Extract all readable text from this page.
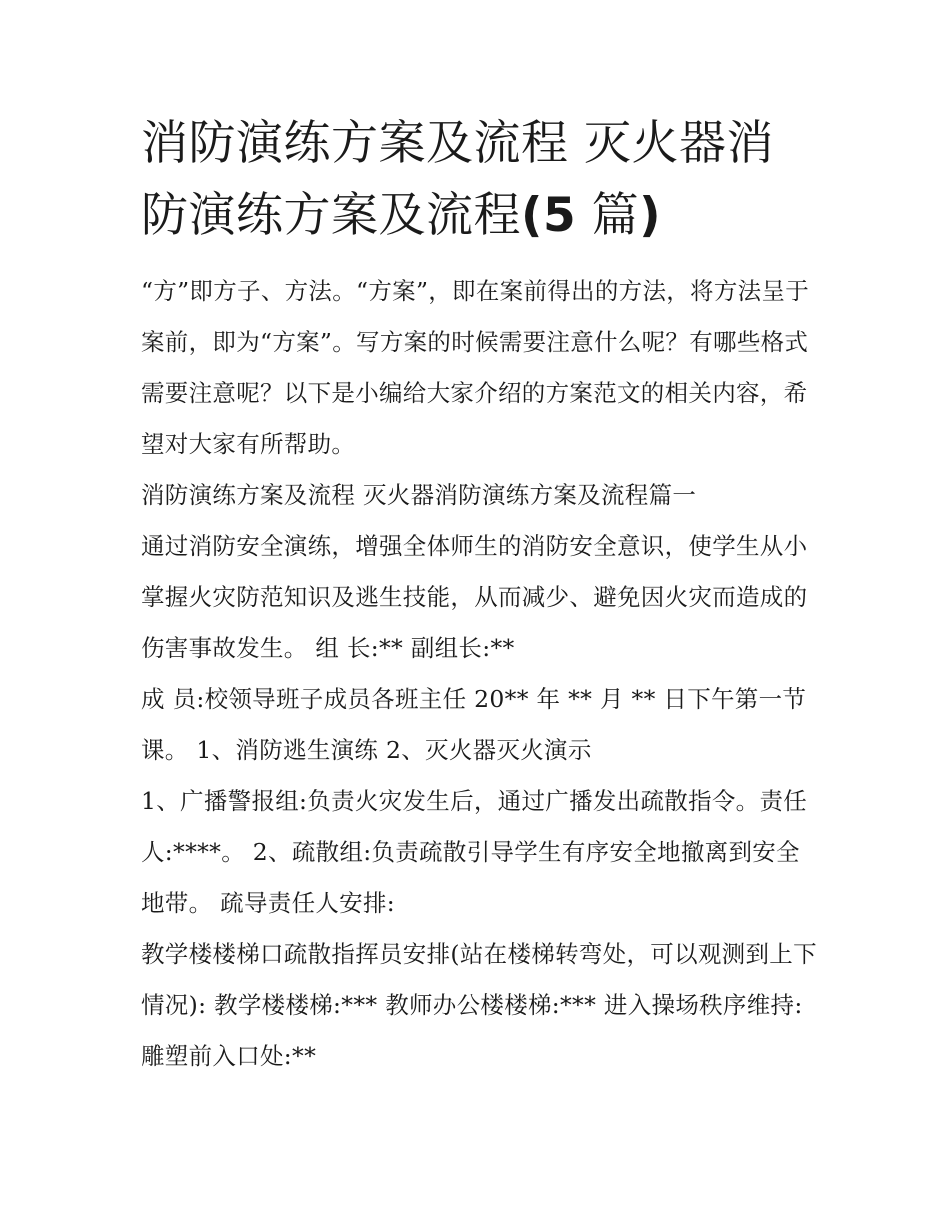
消防演练方案及流程 灭火器消
防演练方案及流程(5 篇)

“方”即方子、方法。“方案”，即在案前得出的方法，将方法呈于案前，即为“方案”。写方案的时候需要注意什么呢？有哪些格式需要注意呢？以下是小编给大家介绍的方案范文的相关内容，希望对大家有所帮助。

消防演练方案及流程 灭火器消防演练方案及流程篇一

通过消防安全演练，增强全体师生的消防安全意识，使学生从小掌握火灾防范知识及逃生技能，从而减少、避免因火灾而造成的伤害事故发生。 组 长:** 副组长:**

成 员:校领导班子成员各班主任 20** 年 ** 月 ** 日下午第一节课。 1、消防逃生演练 2、灭火器灭火演示

1、广播警报组:负责火灾发生后，通过广播发出疏散指令。责任人:****。 2、疏散组:负责疏散引导学生有序安全地撤离到安全地带。 疏导责任人安排:

教学楼楼梯口疏散指挥员安排(站在楼梯转弯处，可以观测到上下情况): 教学楼楼梯:*** 教师办公楼楼梯:*** 进入操场秩序维持: 雕塑前入口处:**
